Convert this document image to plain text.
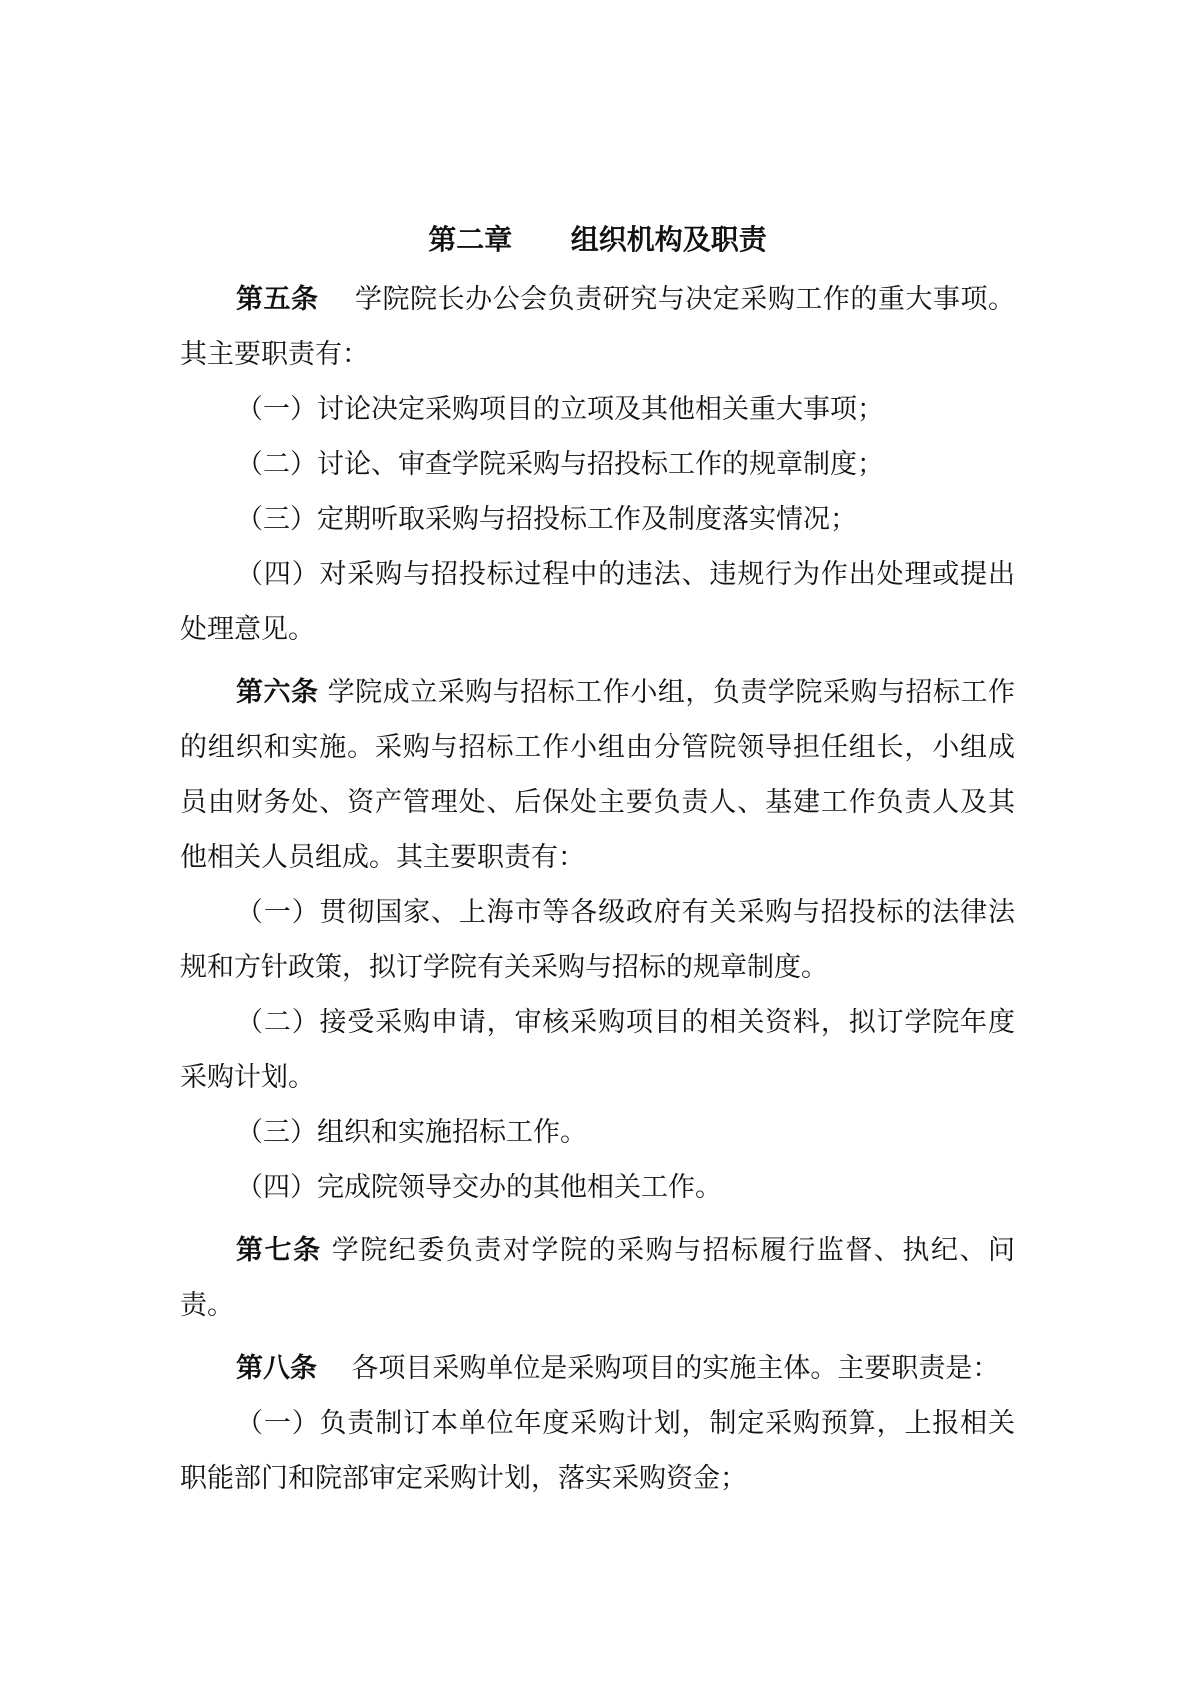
第二章      组织机构及职责

第五条 学院院长办公会负责研究与决定采购工作的重大事项。其主要职责有：

（一）讨论决定采购项目的立项及其他相关重大事项；

（二）讨论、审查学院采购与招投标工作的规章制度；

（三）定期听取采购与招投标工作及制度落实情况；

（四）对采购与招投标过程中的违法、违规行为作出处理或提出处理意见。

第六条 学院成立采购与招标工作小组，负责学院采购与招标工作的组织和实施。采购与招标工作小组由分管院领导担任组长，小组成员由财务处、资产管理处、后保处主要负责人、基建工作负责人及其他相关人员组成。其主要职责有：

（一）贯彻国家、上海市等各级政府有关采购与招投标的法律法规和方针政策，拟订学院有关采购与招标的规章制度。

（二）接受采购申请，审核采购项目的相关资料，拟订学院年度采购计划。

（三）组织和实施招标工作。

（四）完成院领导交办的其他相关工作。

第七条 学院纪委负责对学院的采购与招标履行监督、执纪、问责。

第八条 各项目采购单位是采购项目的实施主体。主要职责是：

（一）负责制订本单位年度采购计划，制定采购预算，上报相关职能部门和院部审定采购计划，落实采购资金；
